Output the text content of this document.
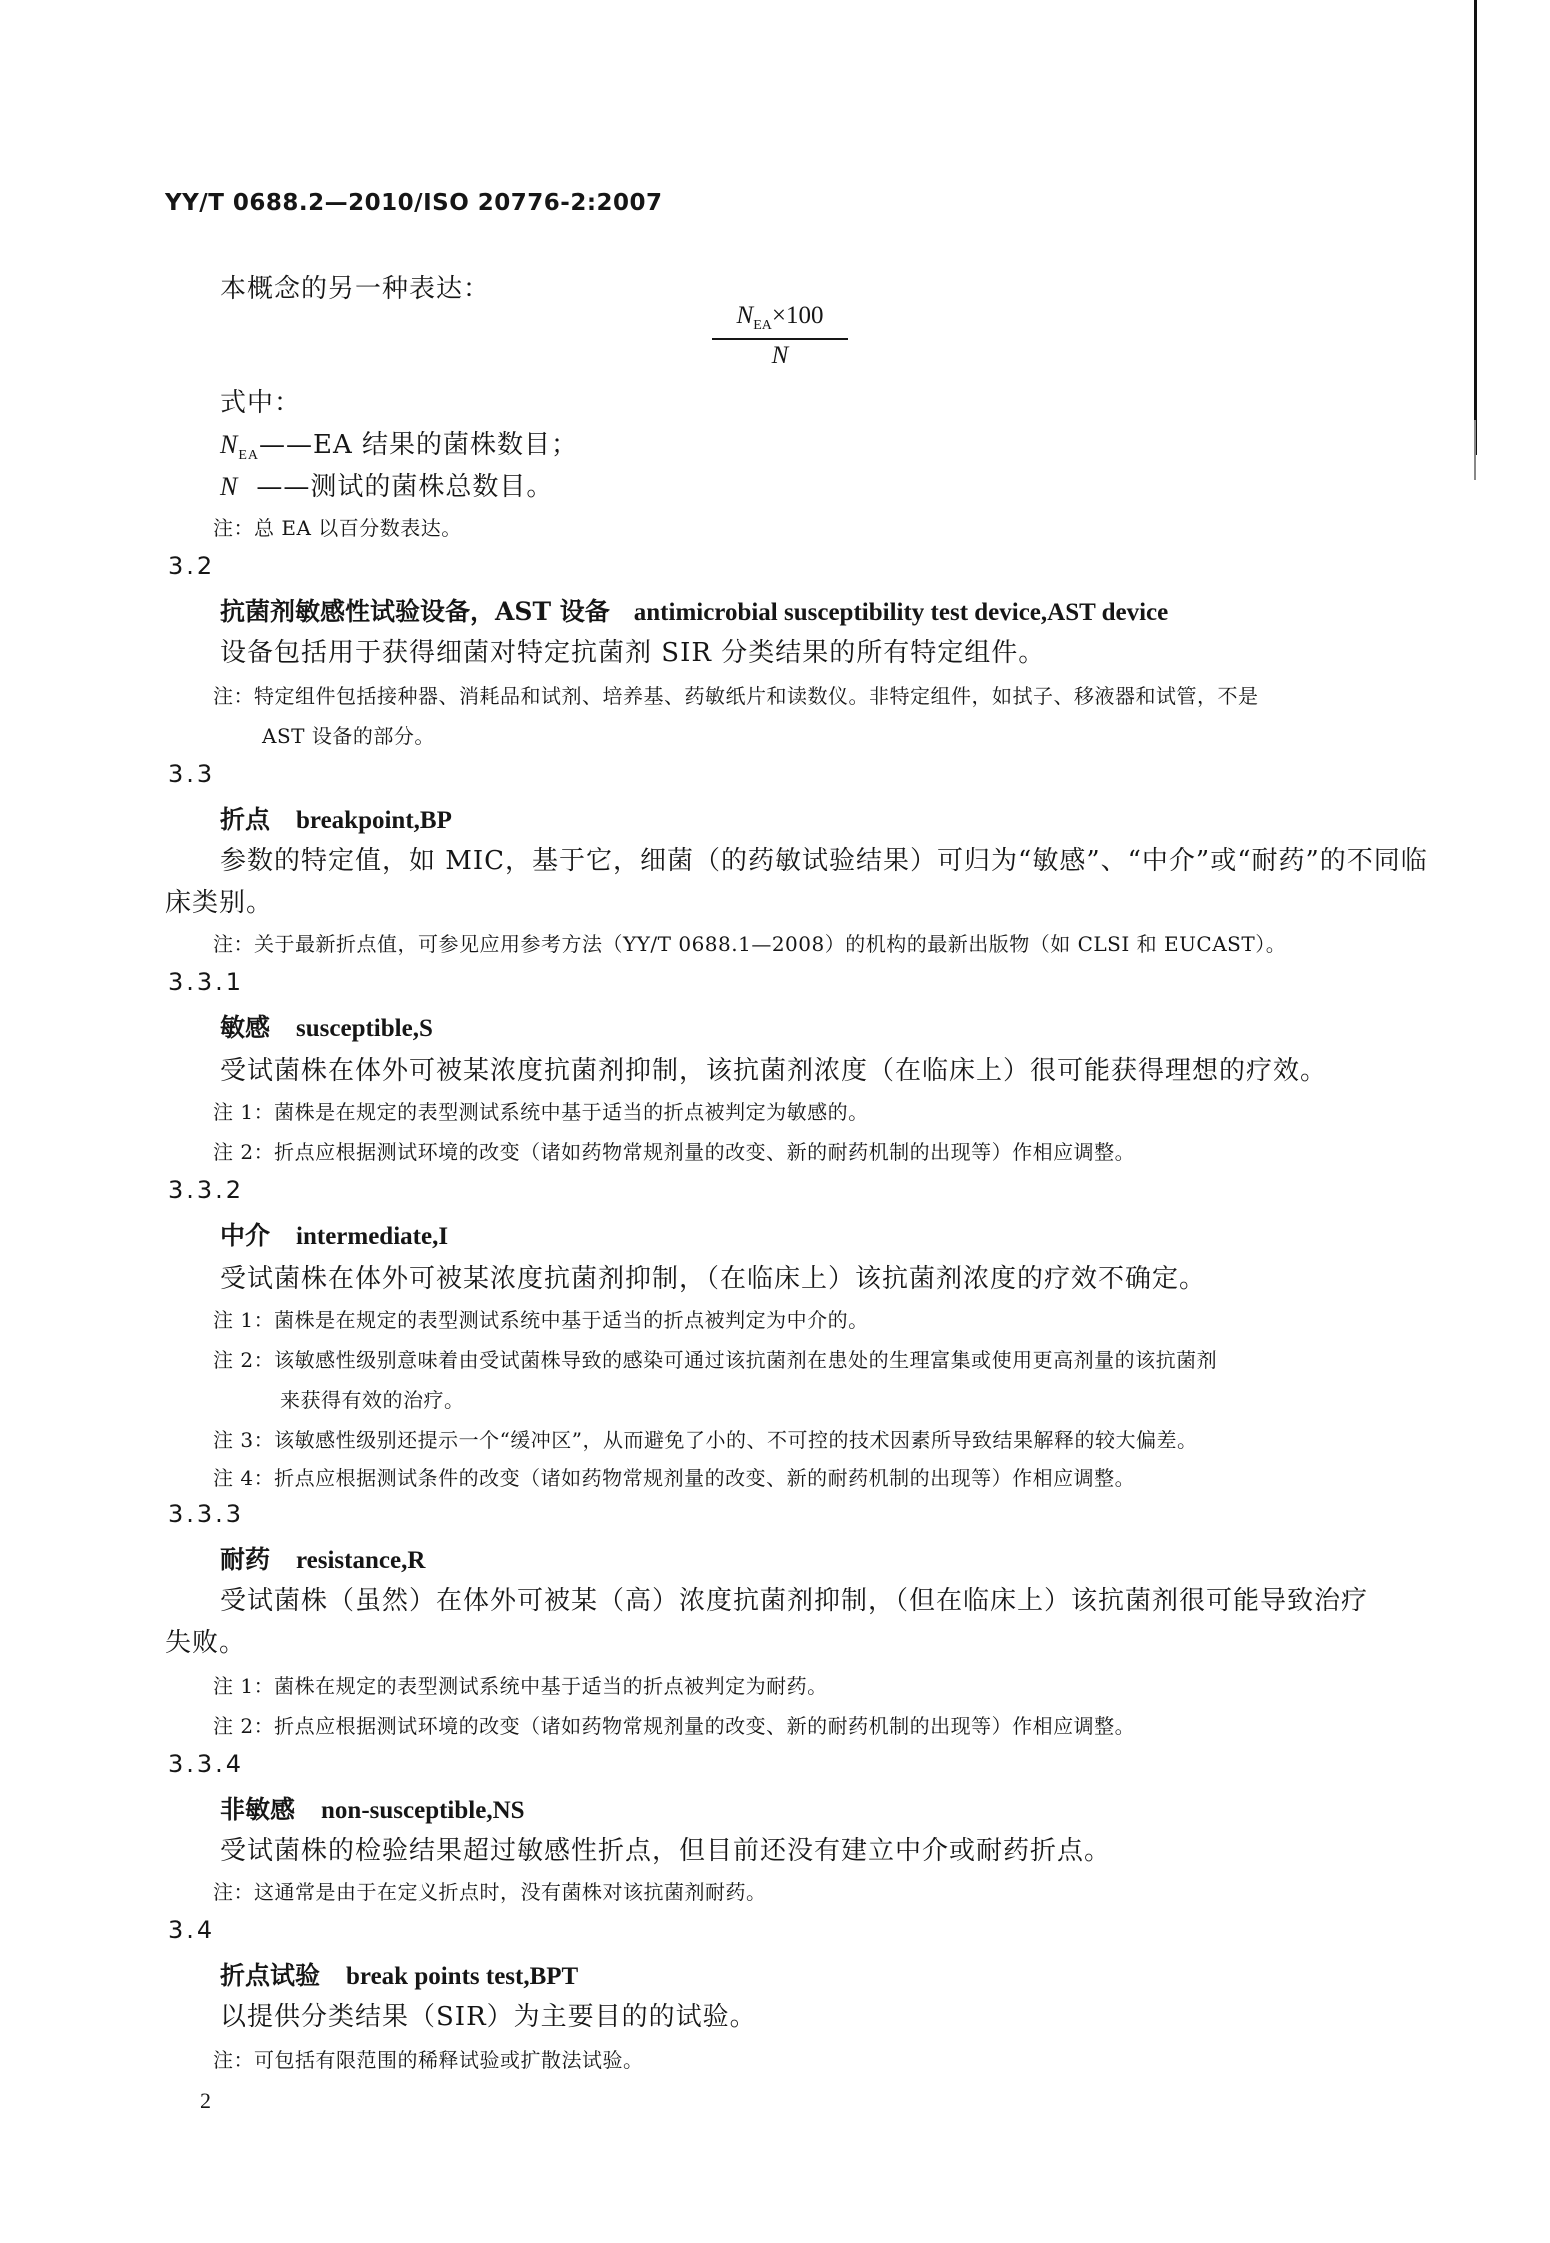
YY/T 0688.2—2010/ISO 20776-2:2007
本概念的另一种表达：
$N_{EA}\times 100$
N
式中：
$N_{EA}——EA$ 结果的菌株数目；
N ——测试的菌株总数目。
注：总 EA 以百分数表达。
3.2
抗菌剂敏感性试验设备，AST 设备 antimicrobial susceptibility test device,AST device
设备包括用于获得细菌对特定抗菌剂 SIR 分类结果的所有特定组件。
注：特定组件包括接种器、消耗品和试剂、培养基、药敏纸片和读数仪。非特定组件，如拭子、移液器和试管，不是
AST 设备的部分。
3.3
折点 breakpoint,BP
参数的特定值，如 MIC，基于它，细菌（的药敏试验结果）可归为“敏感”、“中介”或“耐药”的不同临
床类别。
注：关于最新折点值，可参见应用参考方法（YY/T 0688.1—2008）的机构的最新出版物（如 CLSI 和 EUCAST）。
3.3.1
敏感 susceptible,S
受试菌株在体外可被某浓度抗菌剂抑制，该抗菌剂浓度（在临床上）很可能获得理想的疗效。
注 1：菌株是在规定的表型测试系统中基于适当的折点被判定为敏感的。
注 2：折点应根据测试环境的改变（诸如药物常规剂量的改变、新的耐药机制的出现等）作相应调整。
3.3.2
中介 intermediate,I
受试菌株在体外可被某浓度抗菌剂抑制，（在临床上）该抗菌剂浓度的疗效不确定。
注 1：菌株是在规定的表型测试系统中基于适当的折点被判定为中介的。
注 2：该敏感性级别意味着由受试菌株导致的感染可通过该抗菌剂在患处的生理富集或使用更高剂量的该抗菌剂
来获得有效的治疗。
注 3：该敏感性级别还提示一个“缓冲区”，从而避免了小的、不可控的技术因素所导致结果解释的较大偏差。
注 4：折点应根据测试条件的改变（诸如药物常规剂量的改变、新的耐药机制的出现等）作相应调整。
3.3.3
耐药 resistance,R
受试菌株（虽然）在体外可被某（高）浓度抗菌剂抑制，（但在临床上）该抗菌剂很可能导致治疗
失败。
注 1：菌株在规定的表型测试系统中基于适当的折点被判定为耐药。
注 2：折点应根据测试环境的改变（诸如药物常规剂量的改变、新的耐药机制的出现等）作相应调整。
3.3.4
非敏感 non-susceptible,NS
受试菌株的检验结果超过敏感性折点，但目前还没有建立中介或耐药折点。
注：这通常是由于在定义折点时，没有菌株对该抗菌剂耐药。
3.4
折点试验 break points test,BPT
以提供分类结果（SIR）为主要目的的试验。
注：可包括有限范围的稀释试验或扩散法试验。
2
